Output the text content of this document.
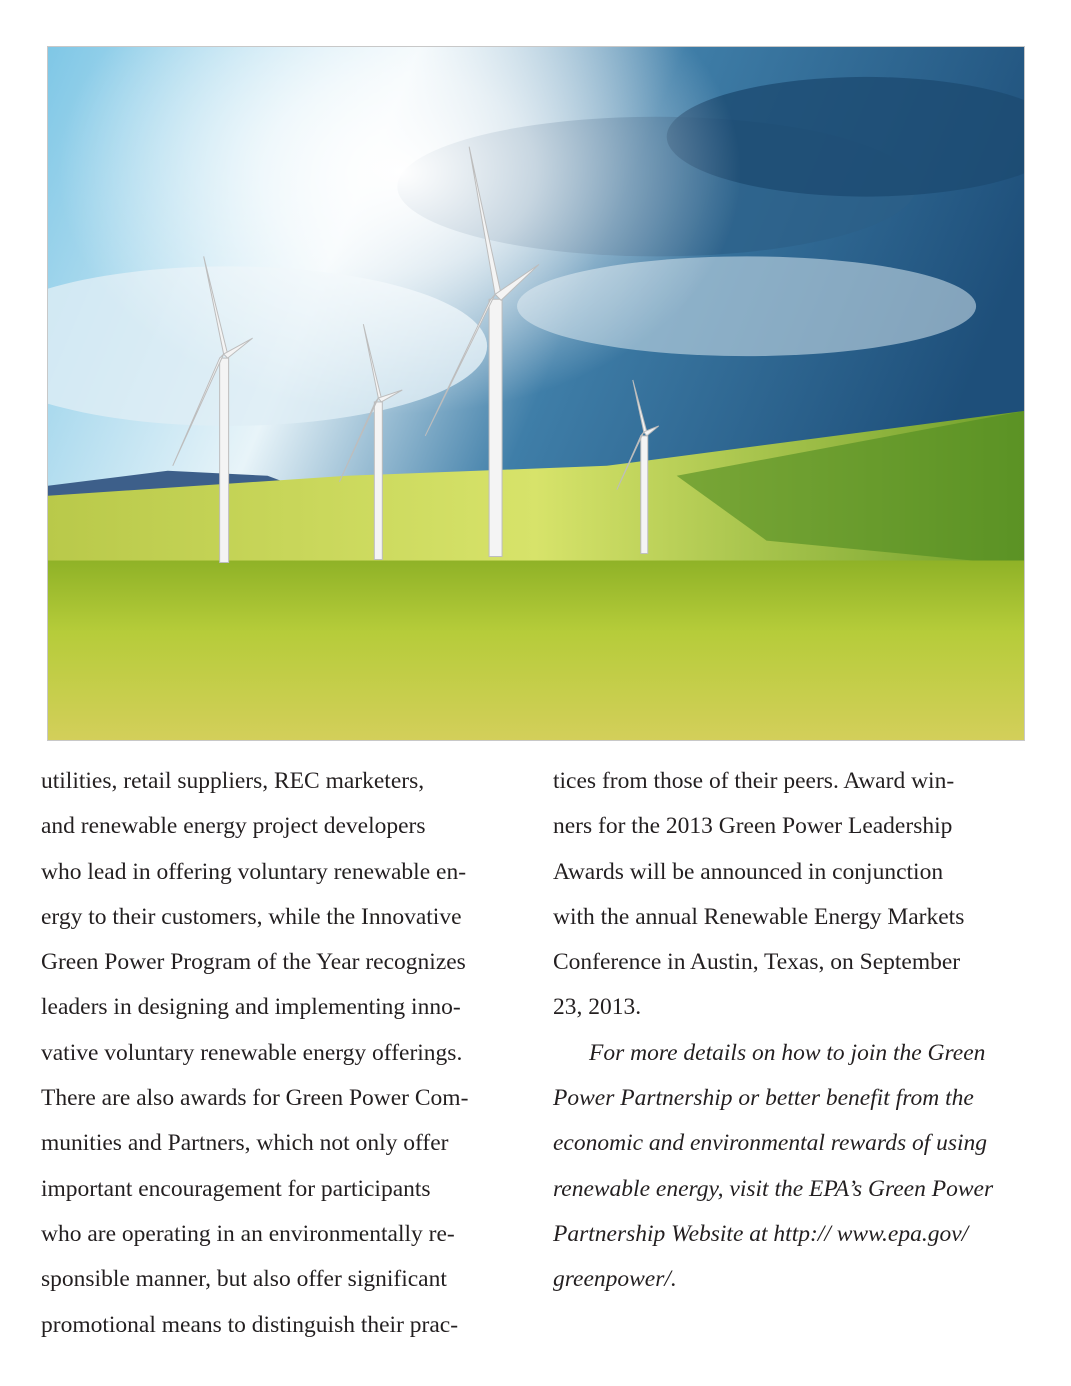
utilities, retail suppliers, REC marketers,
and renewable energy project developers
who lead in offering voluntary renewable en-
ergy to their customers, while the Innovative
Green Power Program of the Year recognizes
leaders in designing and implementing inno-
vative voluntary renewable energy offerings.
There are also awards for Green Power Com-
munities and Partners, which not only offer
important encouragement for participants
who are operating in an environmentally re-
sponsible manner, but also offer significant
promotional means to distinguish their prac-
tices from those of their peers. Award win-
ners for the 2013 Green Power Leadership
Awards will be announced in conjunction
with the annual Renewable Energy Markets
Conference in Austin, Texas, on September
23, 2013.
For more details on how to join the Green
Power Partnership or better benefit from the
economic and environmental rewards of using
renewable energy, visit the EPA’s Green Power
Partnership Website at http:// www.epa.gov/
greenpower/.
